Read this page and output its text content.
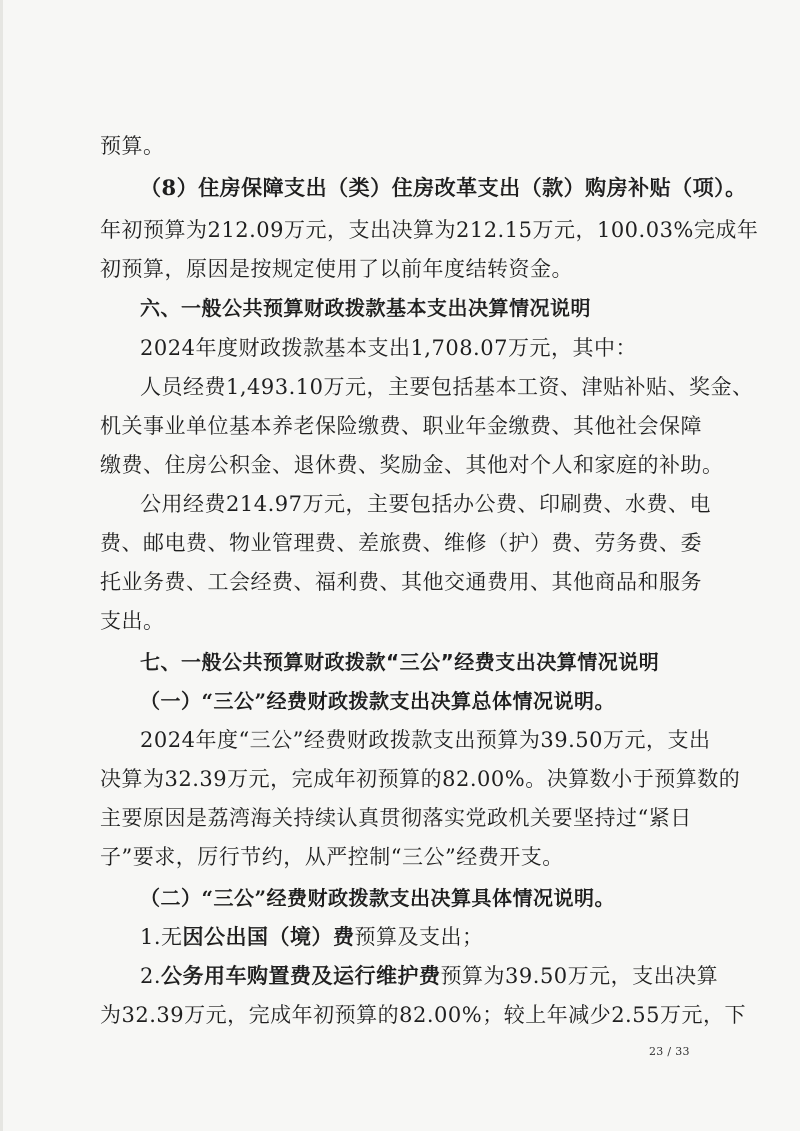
预算。
（8）住房保障支出（类）住房改革支出（款）购房补贴（项）。
年初预算为212.09万元，支出决算为212.15万元，100.03%完成年
初预算，原因是按规定使用了以前年度结转资金。
六、一般公共预算财政拨款基本支出决算情况说明
2024年度财政拨款基本支出1,708.07万元，其中：
人员经费1,493.10万元，主要包括基本工资、津贴补贴、奖金、
机关事业单位基本养老保险缴费、职业年金缴费、其他社会保障
缴费、住房公积金、退休费、奖励金、其他对个人和家庭的补助。
公用经费214.97万元，主要包括办公费、印刷费、水费、电
费、邮电费、物业管理费、差旅费、维修（护）费、劳务费、委
托业务费、工会经费、福利费、其他交通费用、其他商品和服务
支出。
七、一般公共预算财政拨款“三公”经费支出决算情况说明
（一）“三公”经费财政拨款支出决算总体情况说明。
2024年度“三公”经费财政拨款支出预算为39.50万元，支出
决算为32.39万元，完成年初预算的82.00%。决算数小于预算数的
主要原因是荔湾海关持续认真贯彻落实党政机关要坚持过“紧日
子”要求，厉行节约，从严控制“三公”经费开支。
（二）“三公”经费财政拨款支出决算具体情况说明。
1.无因公出国（境）费预算及支出；
2.公务用车购置费及运行维护费预算为39.50万元，支出决算
为32.39万元，完成年初预算的82.00%；较上年减少2.55万元，下
23 / 33
